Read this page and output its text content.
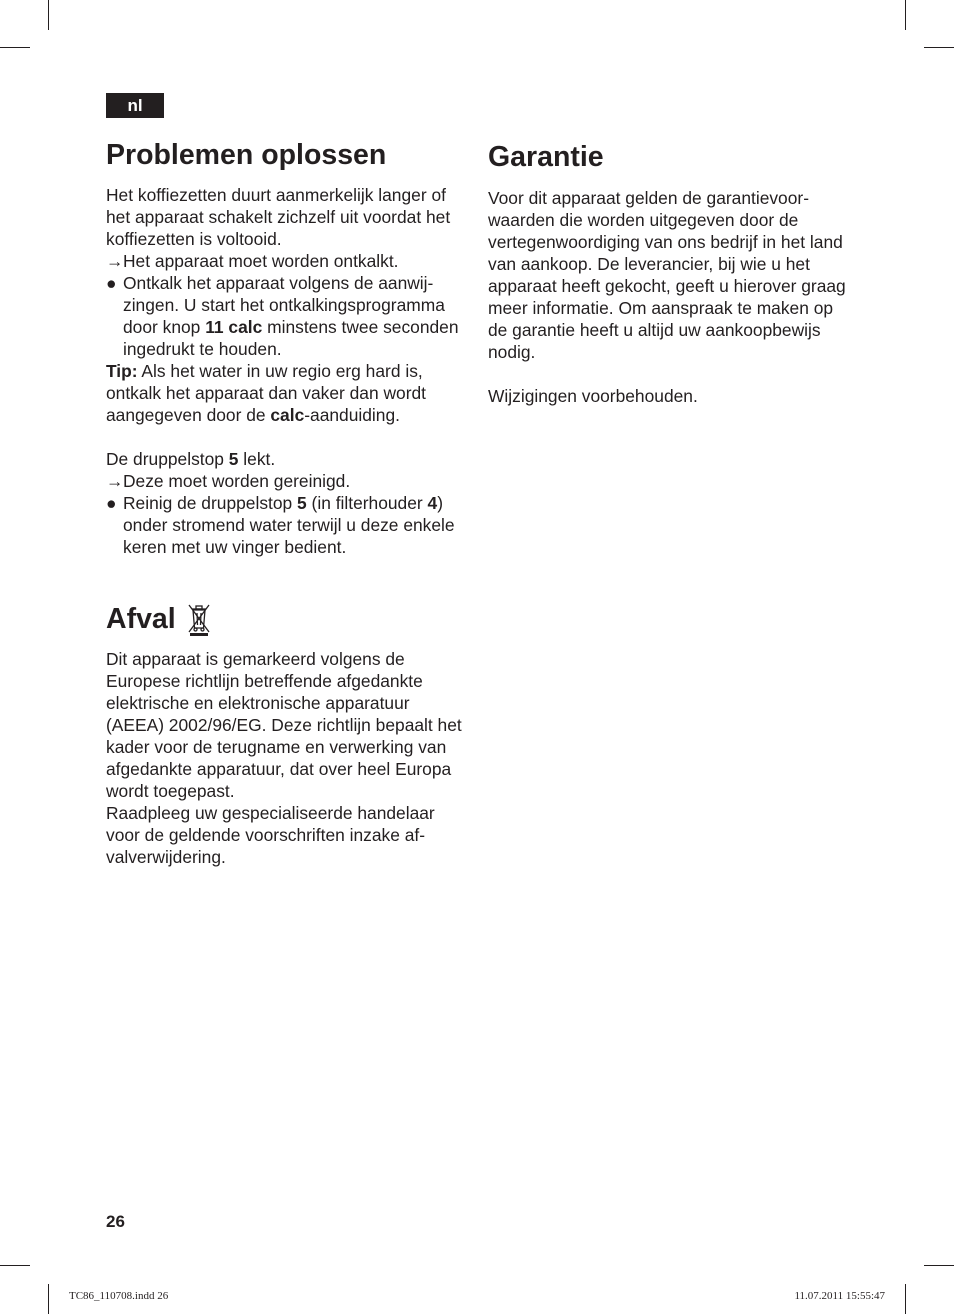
nl
Problemen oplossen

Het koffiezetten duurt aanmerkelijk langer of het apparaat schakelt zichzelf uit voordat het koffiezetten is voltooid.

→ Het apparaat moet worden ontkalkt.
● Ontkalk het apparaat volgens de aanwijzingen. U start het ontkalkingsprogramma door knop 11 calc minstens twee seconden ingedrukt te houden.

Tip: Als het water in uw regio erg hard is, ontkalk het apparaat dan vaker dan wordt aangegeven door de calc-aanduiding.

De druppelstop 5 lekt.

→ Deze moet worden gereinigd.
● Reinig de druppelstop 5 (in filterhouder 4) onder stromend water terwijl u deze enkele keren met uw vinger bedient.
Afval

Dit apparaat is gemarkeerd volgens de Europese richtlijn betreffende afgedankte elektrische en elektronische apparatuur (AEEA) 2002/96/EG. Deze richtlijn bepaalt het kader voor de terugname en verwerking van afgedankte apparatuur, dat over heel Europa wordt toegepast.

Raadpleeg uw gespecialiseerde handelaar voor de geldende voorschriften inzake afvalverwijdering.

Garantie

Voor dit apparaat gelden de garantievoorwaarden die worden uitgegeven door de vertegenwoordiging van ons bedrijf in het land van aankoop. De leverancier, bij wie u het apparaat heeft gekocht, geeft u hierover graag meer informatie. Om aanspraak te maken op de garantie heeft u altijd uw aankoopbewijs nodig.

Wijzigingen voorbehouden.

26
TC86_110708.indd 26	11.07.2011 15:55:47
